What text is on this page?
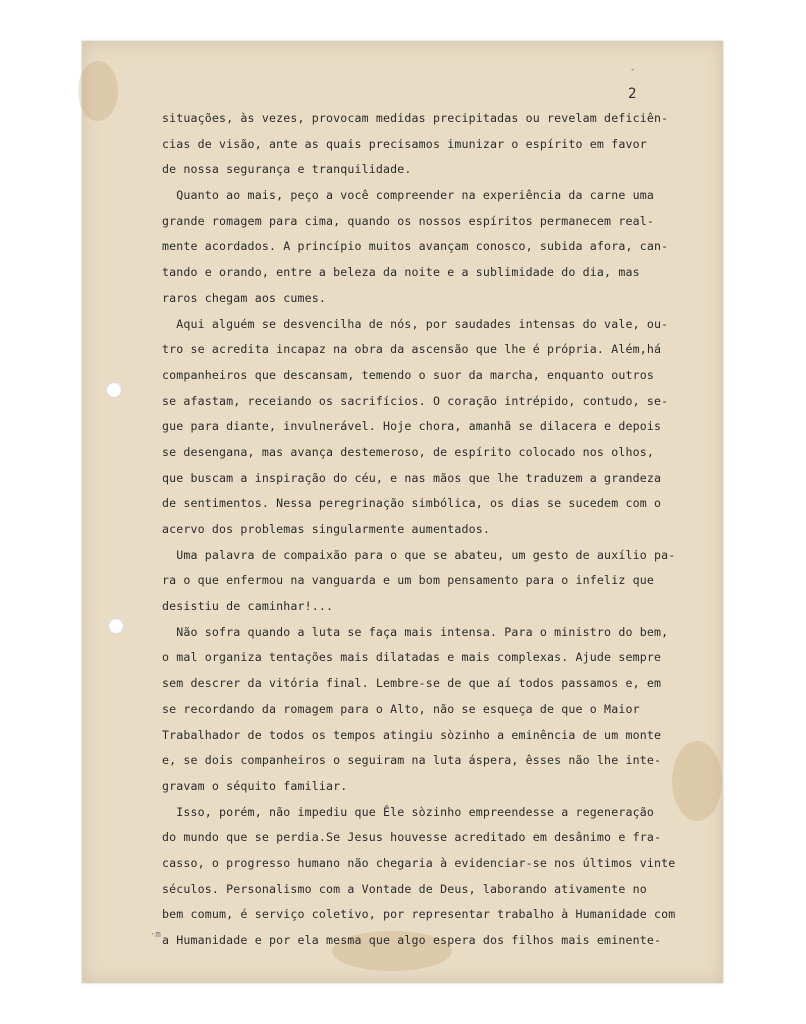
-
2
situações, às vezes, provocam medidas precipitadas ou revelam deficiên-
cias de visão, ante as quais precisamos imunizar o espírito em favor
de nossa segurança e tranquilidade.
Quanto ao mais, peço a você compreender na experiência da carne uma
grande romagem para cima, quando os nossos espíritos permanecem real-
mente acordados. A princípio muitos avançam conosco, subida afora, can-
tando e orando, entre a beleza da noite e a sublimidade do dia, mas
raros chegam aos cumes.
Aqui alguém se desvencilha de nós, por saudades intensas do vale, ou-
tro se acredita incapaz na obra da ascensão que lhe é própria. Além,há
companheiros que descansam, temendo o suor da marcha, enquanto outros
se afastam, receiando os sacrifícios. O coração intrépido, contudo, se-
gue para diante, invulnerável. Hoje chora, amanhã se dilacera e depois
se desengana, mas avança destemeroso, de espírito colocado nos olhos,
que buscam a inspiração do céu, e nas mãos que lhe traduzem a grandeza
de sentimentos. Nessa peregrinação simbólica, os dias se sucedem com o
acervo dos problemas singularmente aumentados.
Uma palavra de compaixão para o que se abateu, um gesto de auxílio pa-
ra o que enfermou na vanguarda e um bom pensamento para o infeliz que
desistiu de caminhar!...
Não sofra quando a luta se faça mais intensa. Para o ministro do bem,
o mal organiza tentações mais dilatadas e mais complexas. Ajude sempre
sem descrer da vitória final. Lembre-se de que aí todos passamos e, em
se recordando da romagem para o Alto, não se esqueça de que o Maior
Trabalhador de todos os tempos atingiu sòzinho a eminência de um monte
e, se dois companheiros o seguiram na luta áspera, êsses não lhe inte-
gravam o séquito familiar.
Isso, porém, não impediu que Êle sòzinho empreendesse a regeneração
do mundo que se perdia.Se Jesus houvesse acreditado em desânimo e fra-
casso, o progresso humano não chegaria à evidenciar-se nos últimos vinte
séculos. Personalismo com a Vontade de Deus, laborando ativamente no
bem comum, é serviço coletivo, por representar trabalho à Humanidade com
a Humanidade e por ela mesma que algo espera dos filhos mais eminente-
·m
